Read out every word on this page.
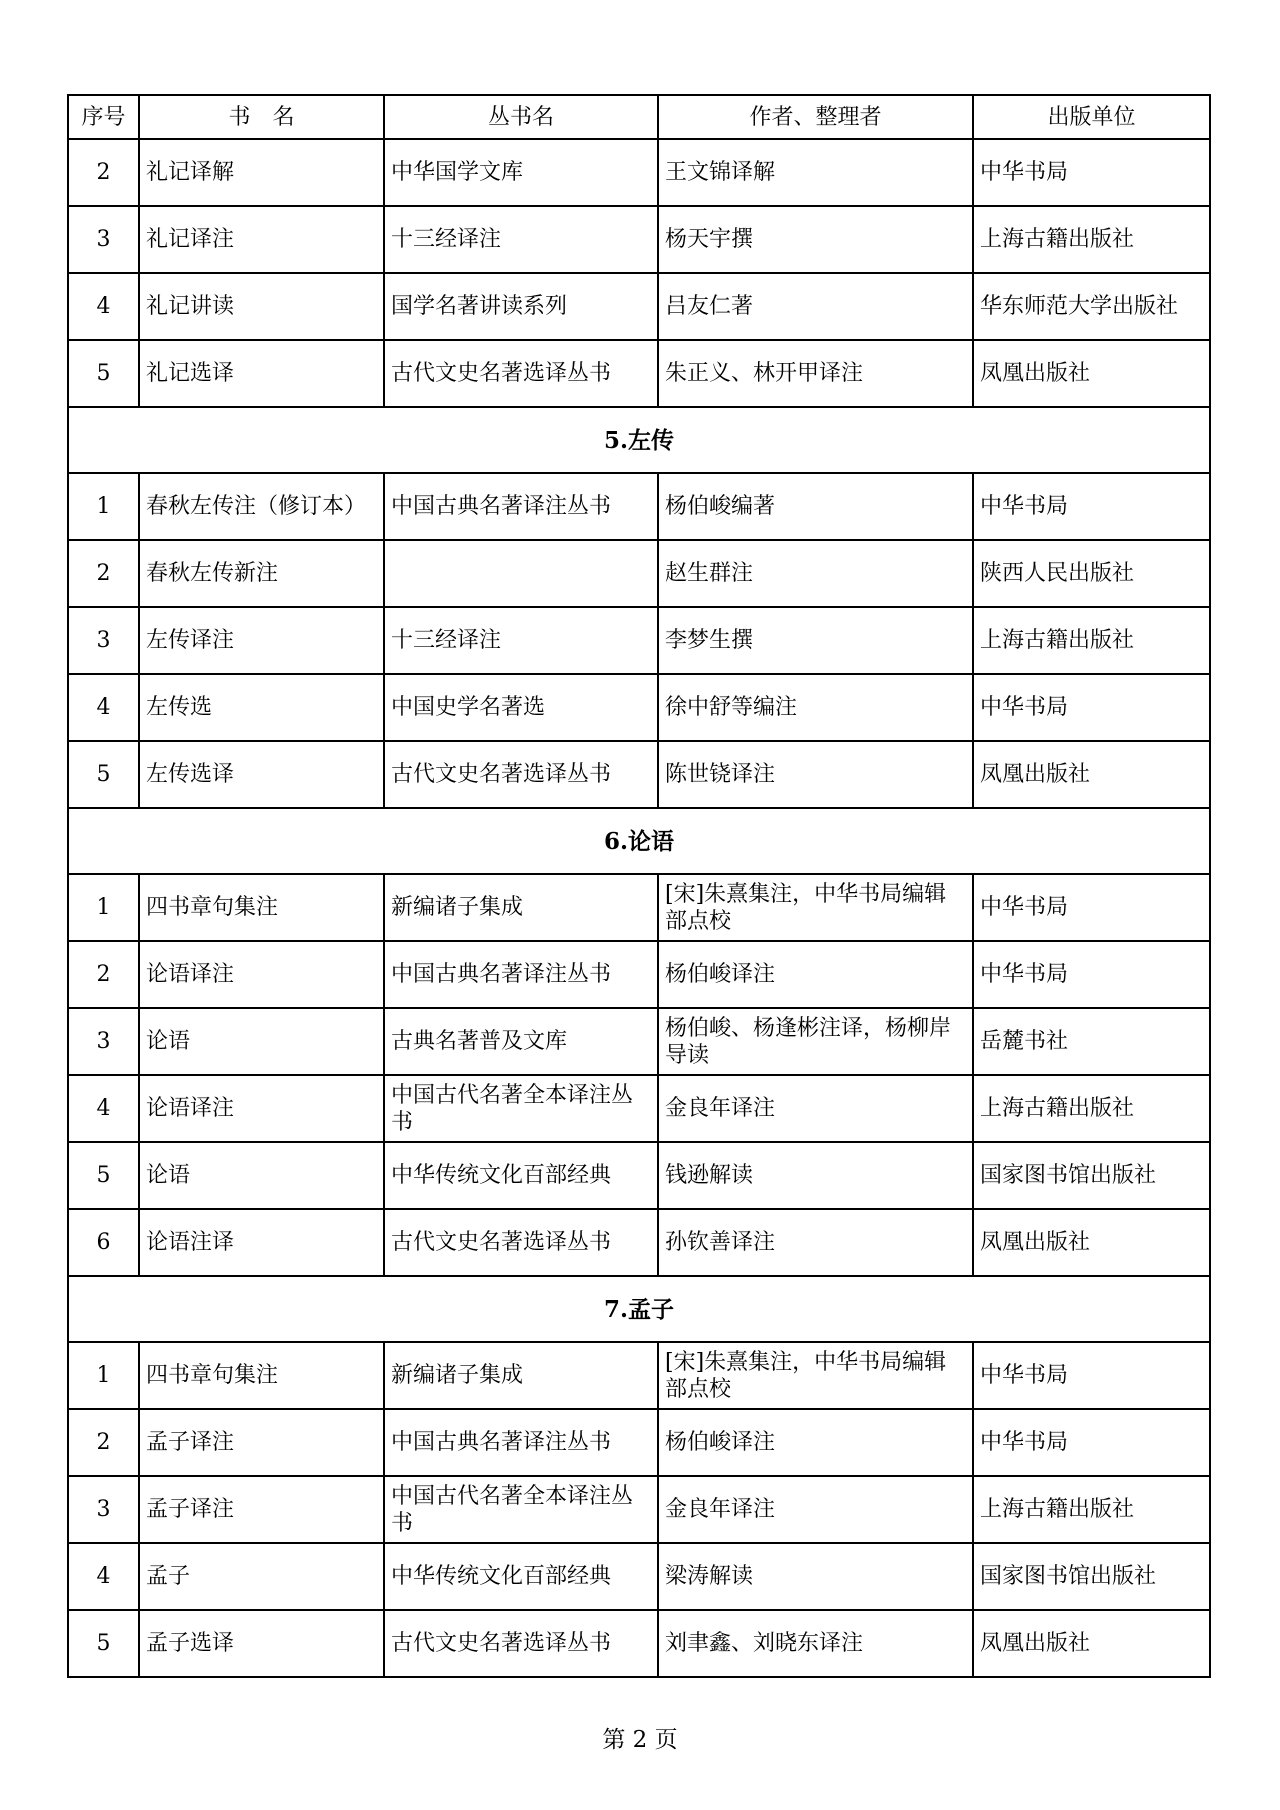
序号	书　名	丛书名	作者、整理者	出版单位
2	礼记译解	中华国学文库	王文锦译解	中华书局
3	礼记译注	十三经译注	杨天宇撰	上海古籍出版社
4	礼记讲读	国学名著讲读系列	吕友仁著	华东师范大学出版社
5	礼记选译	古代文史名著选译丛书	朱正义、林开甲译注	凤凰出版社
5.左传				
1	春秋左传注（修订本）	中国古典名著译注丛书	杨伯峻编著	中华书局
2	春秋左传新注		赵生群注	陕西人民出版社
3	左传译注	十三经译注	李梦生撰	上海古籍出版社
4	左传选	中国史学名著选	徐中舒等编注	中华书局
5	左传选译	古代文史名著选译丛书	陈世铙译注	凤凰出版社
6.论语				
1	四书章句集注	新编诸子集成	[宋]朱熹集注，中华书局编辑部点校	中华书局
2	论语译注	中国古典名著译注丛书	杨伯峻译注	中华书局
3	论语	古典名著普及文库	杨伯峻、杨逢彬注译，杨柳岸导读	岳麓书社
4	论语译注	中国古代名著全本译注丛书	金良年译注	上海古籍出版社
5	论语	中华传统文化百部经典	钱逊解读	国家图书馆出版社
6	论语注译	古代文史名著选译丛书	孙钦善译注	凤凰出版社
7.孟子				
1	四书章句集注	新编诸子集成	[宋]朱熹集注，中华书局编辑部点校	中华书局
2	孟子译注	中国古典名著译注丛书	杨伯峻译注	中华书局
3	孟子译注	中国古代名著全本译注丛书	金良年译注	上海古籍出版社
4	孟子	中华传统文化百部经典	梁涛解读	国家图书馆出版社
5	孟子选译	古代文史名著选译丛书	刘聿鑫、刘晓东译注	凤凰出版社
第 2 页
